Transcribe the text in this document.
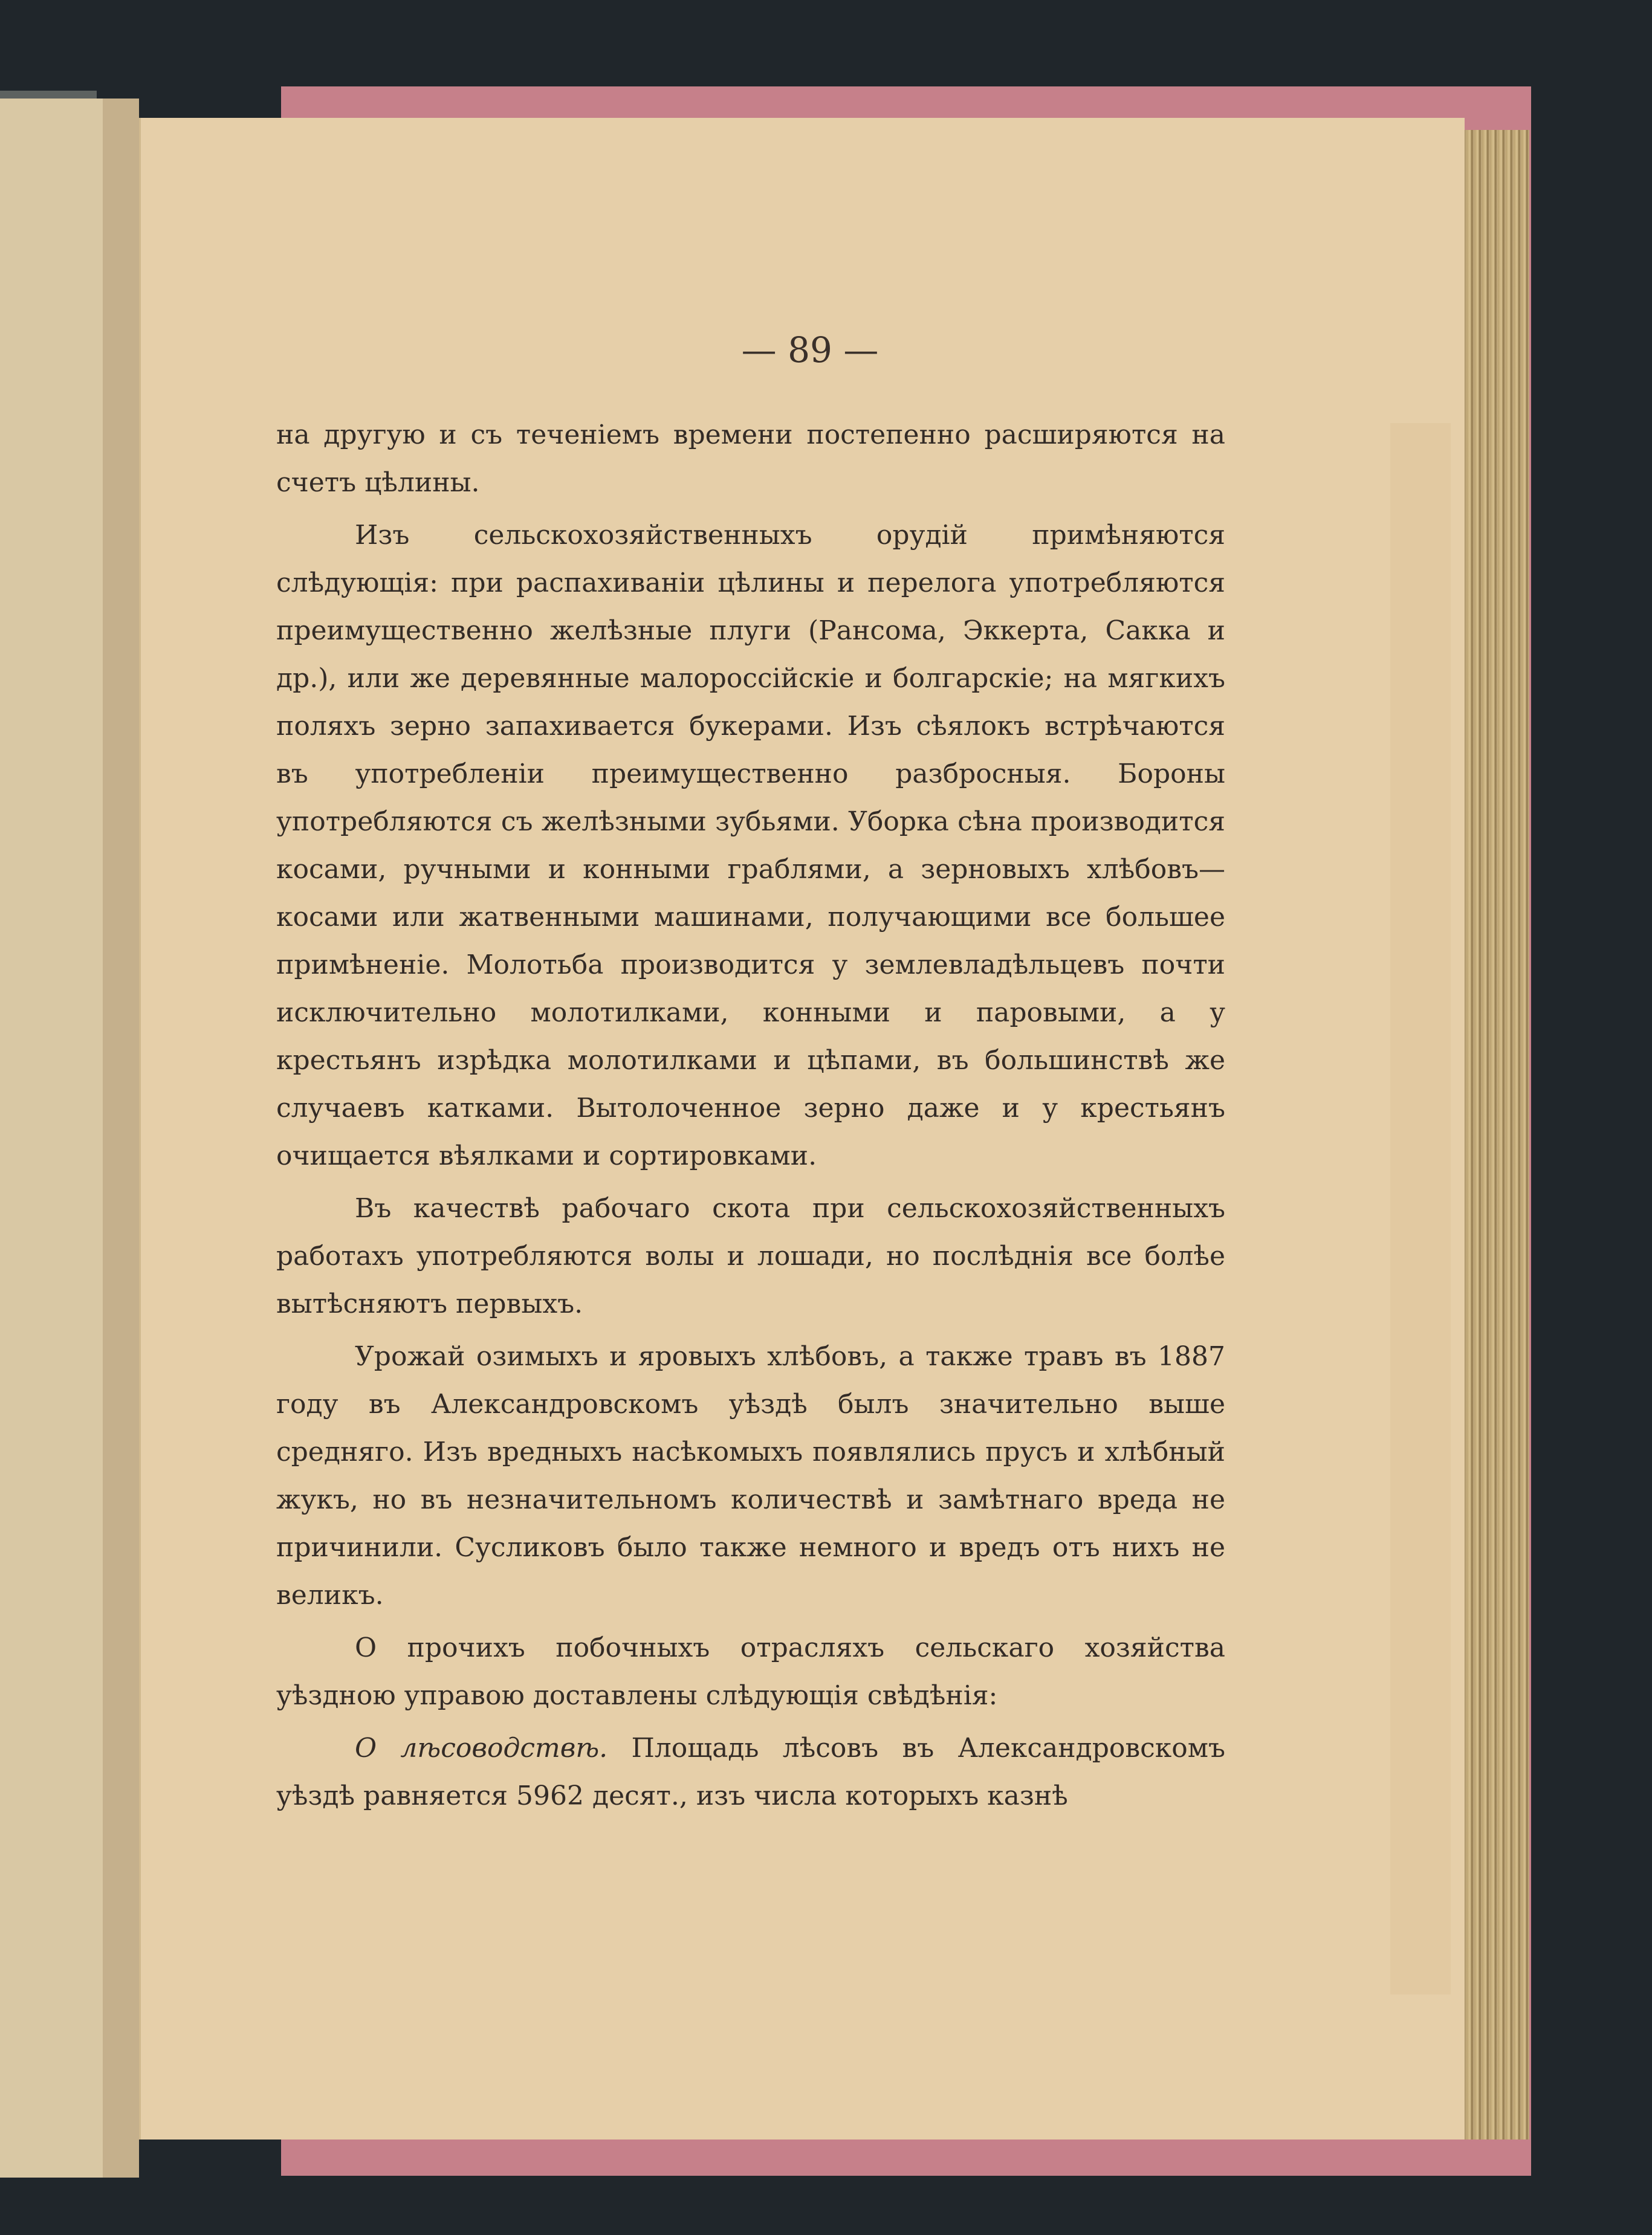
— 89 —

на другую и съ теченіемъ времени постепенно расширяются на счетъ цѣлины.

Изъ сельскохозяйственныхъ орудій примѣняются слѣдующія: при распахиваніи цѣлины и перелога употребляются преимущественно желѣзные плуги (Рансома, Эккерта, Сакка и др.), или же деревянные малороссійскіе и болгарскіе; на мягкихъ поляхъ зерно запахивается букерами. Изъ сѣялокъ встрѣчаются въ употребленіи преимущественно разбросныя. Бороны употребляются съ желѣзными зубьями. Уборка сѣна производится косами, ручными и конными граблями, а зерновыхъ хлѣбовъ—косами или жатвенными машинами, получающими все большее примѣненіе. Молотьба производится у землевладѣльцевъ почти исключительно молотилками, конными и паровыми, а у крестьянъ изрѣдка молотилками и цѣпами, въ большинствѣ же случаевъ катками. Вытолоченное зерно даже и у крестьянъ очищается вѣялками и сортировками.

Въ качествѣ рабочаго скота при сельскохозяйственныхъ работахъ употребляются волы и лошади, но послѣднія все болѣе вытѣсняютъ первыхъ.

Урожай озимыхъ и яровыхъ хлѣбовъ, а также травъ въ 1887 году въ Александровскомъ уѣздѣ былъ значительно выше средняго. Изъ вредныхъ насѣкомыхъ появлялись прусъ и хлѣбный жукъ, но въ незначительномъ количествѣ и замѣтнаго вреда не причинили. Сусликовъ было также немного и вредъ отъ нихъ не великъ.

О прочихъ побочныхъ отрасляхъ сельскаго хозяйства уѣздною управою доставлены слѣдующія свѣдѣнія:

О лѣсоводствѣ. Площадь лѣсовъ въ Александровскомъ уѣздѣ равняется 5962 десят., изъ числа которыхъ казнѣ
